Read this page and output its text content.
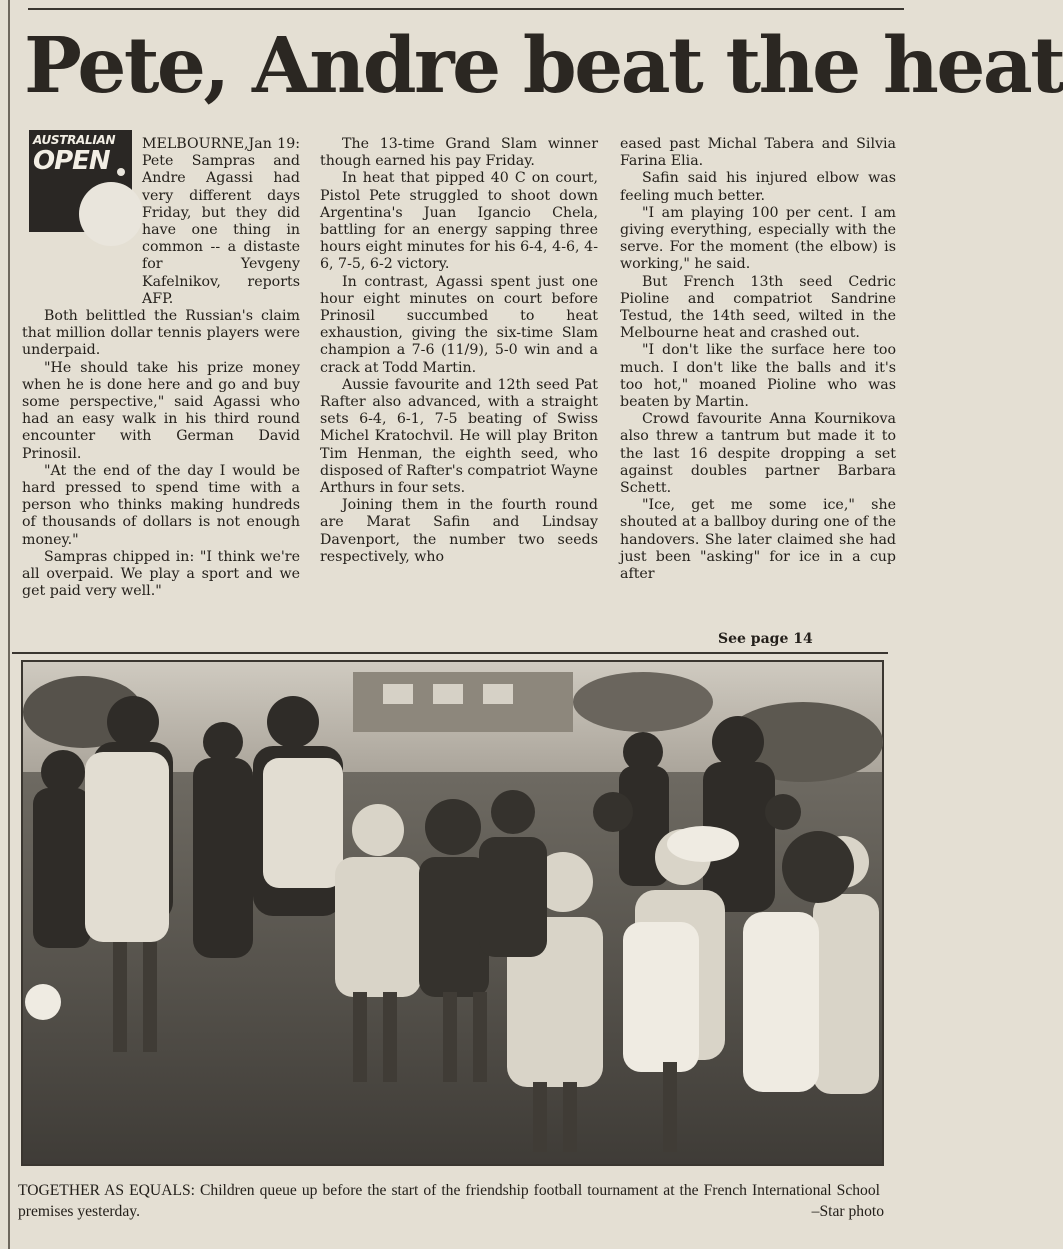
Pete, Andre beat the heat
AUSTRALIAN
OPEN

MELBOURNE,Jan 19: Pete Sampras and Andre Agassi had very different days Friday, but they did have one thing in common -- a distaste for Yevgeny Kafelnikov, reports AFP.

Both belittled the Russian's claim that million dollar tennis players were underpaid.

"He should take his prize money when he is done here and go and buy some perspective," said Agassi who had an easy walk in his third round encounter with German David Prinosil.

"At the end of the day I would be hard pressed to spend time with a person who thinks making hundreds of thousands of dollars is not enough money."

Sampras chipped in: "I think we're all overpaid. We play a sport and we get paid very well."

The 13-time Grand Slam winner though earned his pay Friday.

In heat that pipped 40 C on court, Pistol Pete struggled to shoot down Argentina's Juan Igancio Chela, battling for an energy sapping three hours eight minutes for his 6-4, 4-6, 4-6, 7-5, 6-2 victory.

In contrast, Agassi spent just one hour eight minutes on court before Prinosil succumbed to heat exhaustion, giving the six-time Slam champion a 7-6 (11/9), 5-0 win and a crack at Todd Martin.

Aussie favourite and 12th seed Pat Rafter also advanced, with a straight sets 6-4, 6-1, 7-5 beating of Swiss Michel Kratochvil. He will play Briton Tim Henman, the eighth seed, who disposed of Rafter's compatriot Wayne Arthurs in four sets.

Joining them in the fourth round are Marat Safin and Lindsay Davenport, the number two seeds respectively, who

eased past Michal Tabera and Silvia Farina Elia.

Safin said his injured elbow was feeling much better.

"I am playing 100 per cent. I am giving everything, especially with the serve. For the moment (the elbow) is working," he said.

But French 13th seed Cedric Pioline and compatriot Sandrine Testud, the 14th seed, wilted in the Melbourne heat and crashed out.

"I don't like the surface here too much. I don't like the balls and it's too hot," moaned Pioline who was beaten by Martin.

Crowd favourite Anna Kournikova also threw a tantrum but made it to the last 16 despite dropping a set against doubles partner Barbara Schett.

"Ice, get me some ice," she shouted at a ballboy during one of the handovers. She later claimed she had just been "asking" for ice in a cup after

See page 14
TOGETHER AS EQUALS: Children queue up before the start of the friendship football tournament at the French International School premises yesterday.	–Star photo
